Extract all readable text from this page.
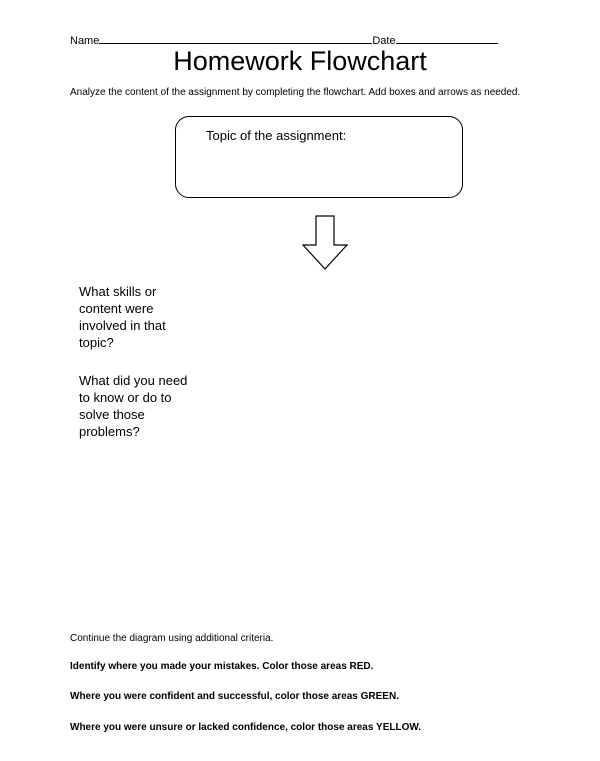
Name	Date
Homework Flowchart
Analyze the content of the assignment by completing the flowchart. Add boxes and arrows as needed.
Topic of the assignment:
What skills or content were involved in that topic?
What did you need to know or do to solve those problems?
Continue the diagram using additional criteria.
Identify where you made your mistakes. Color those areas RED.
Where you were confident and successful, color those areas GREEN.
Where you were unsure or lacked confidence, color those areas YELLOW.
